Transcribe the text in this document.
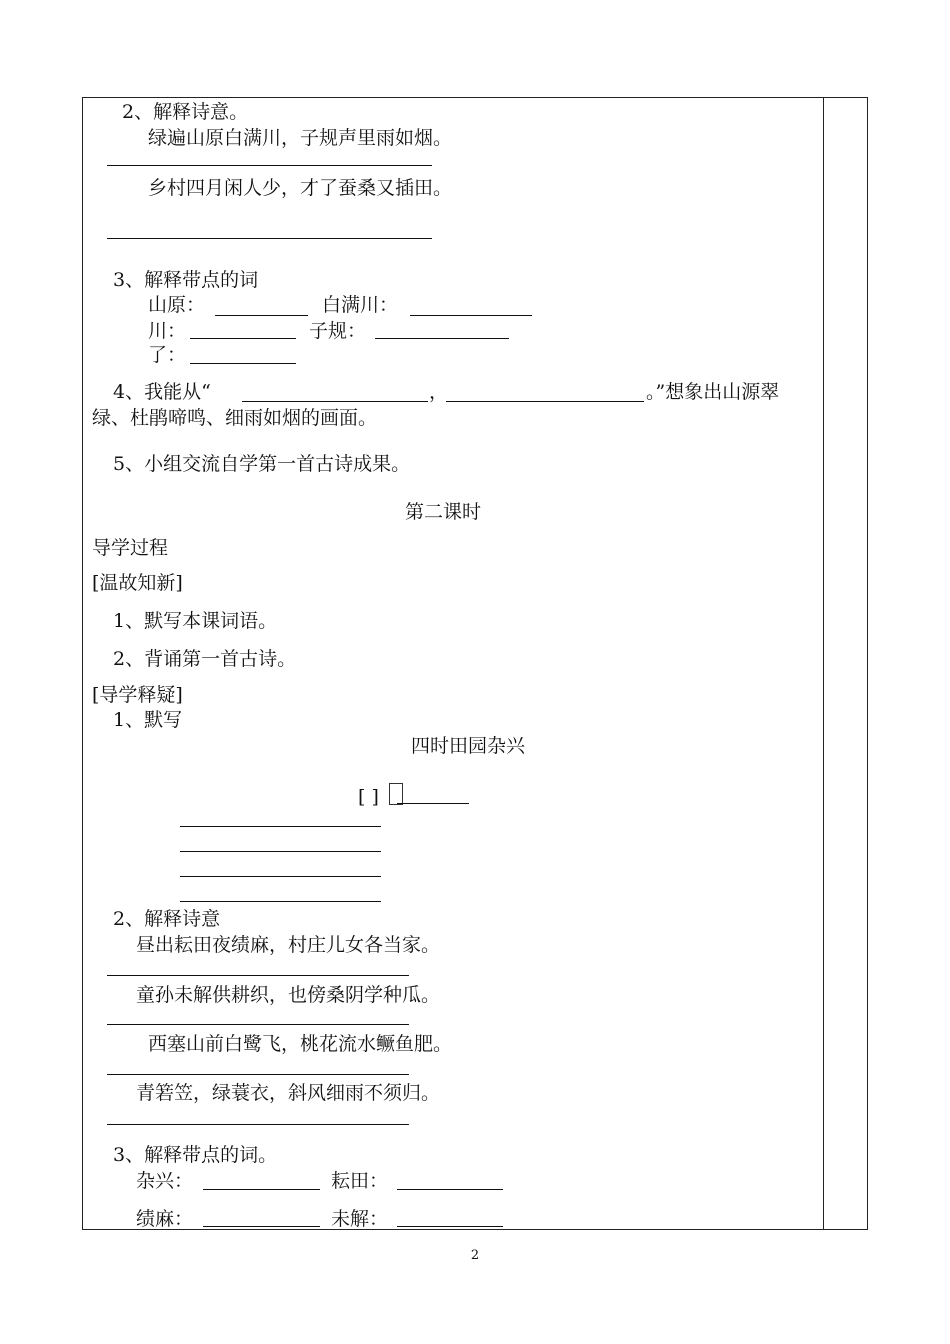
2、解释诗意。
绿遍山原白满川，子规声里雨如烟。
乡村四月闲人少，才了蚕桑又插田。
3、解释带点的词
山原：	白满川：
川：	子规：
了：
4、我能从“	，	。”想象出山源翠
绿、杜鹃啼鸣、细雨如烟的画面。
5、小组交流自学第一首古诗成果。
第二课时
导学过程
[温故知新]
1、默写本课词语。
2、背诵第一首古诗。
[导学释疑]
1、默写
四时田园杂兴
[ ]
2、解释诗意
昼出耘田夜绩麻，村庄儿女各当家。
童孙未解供耕织，也傍桑阴学种瓜。
西塞山前白鹭飞，桃花流水鳜鱼肥。
青箬笠，绿蓑衣，斜风细雨不须归。
3、解释带点的词。
杂兴：	耘田：
绩麻：	未解：
2
